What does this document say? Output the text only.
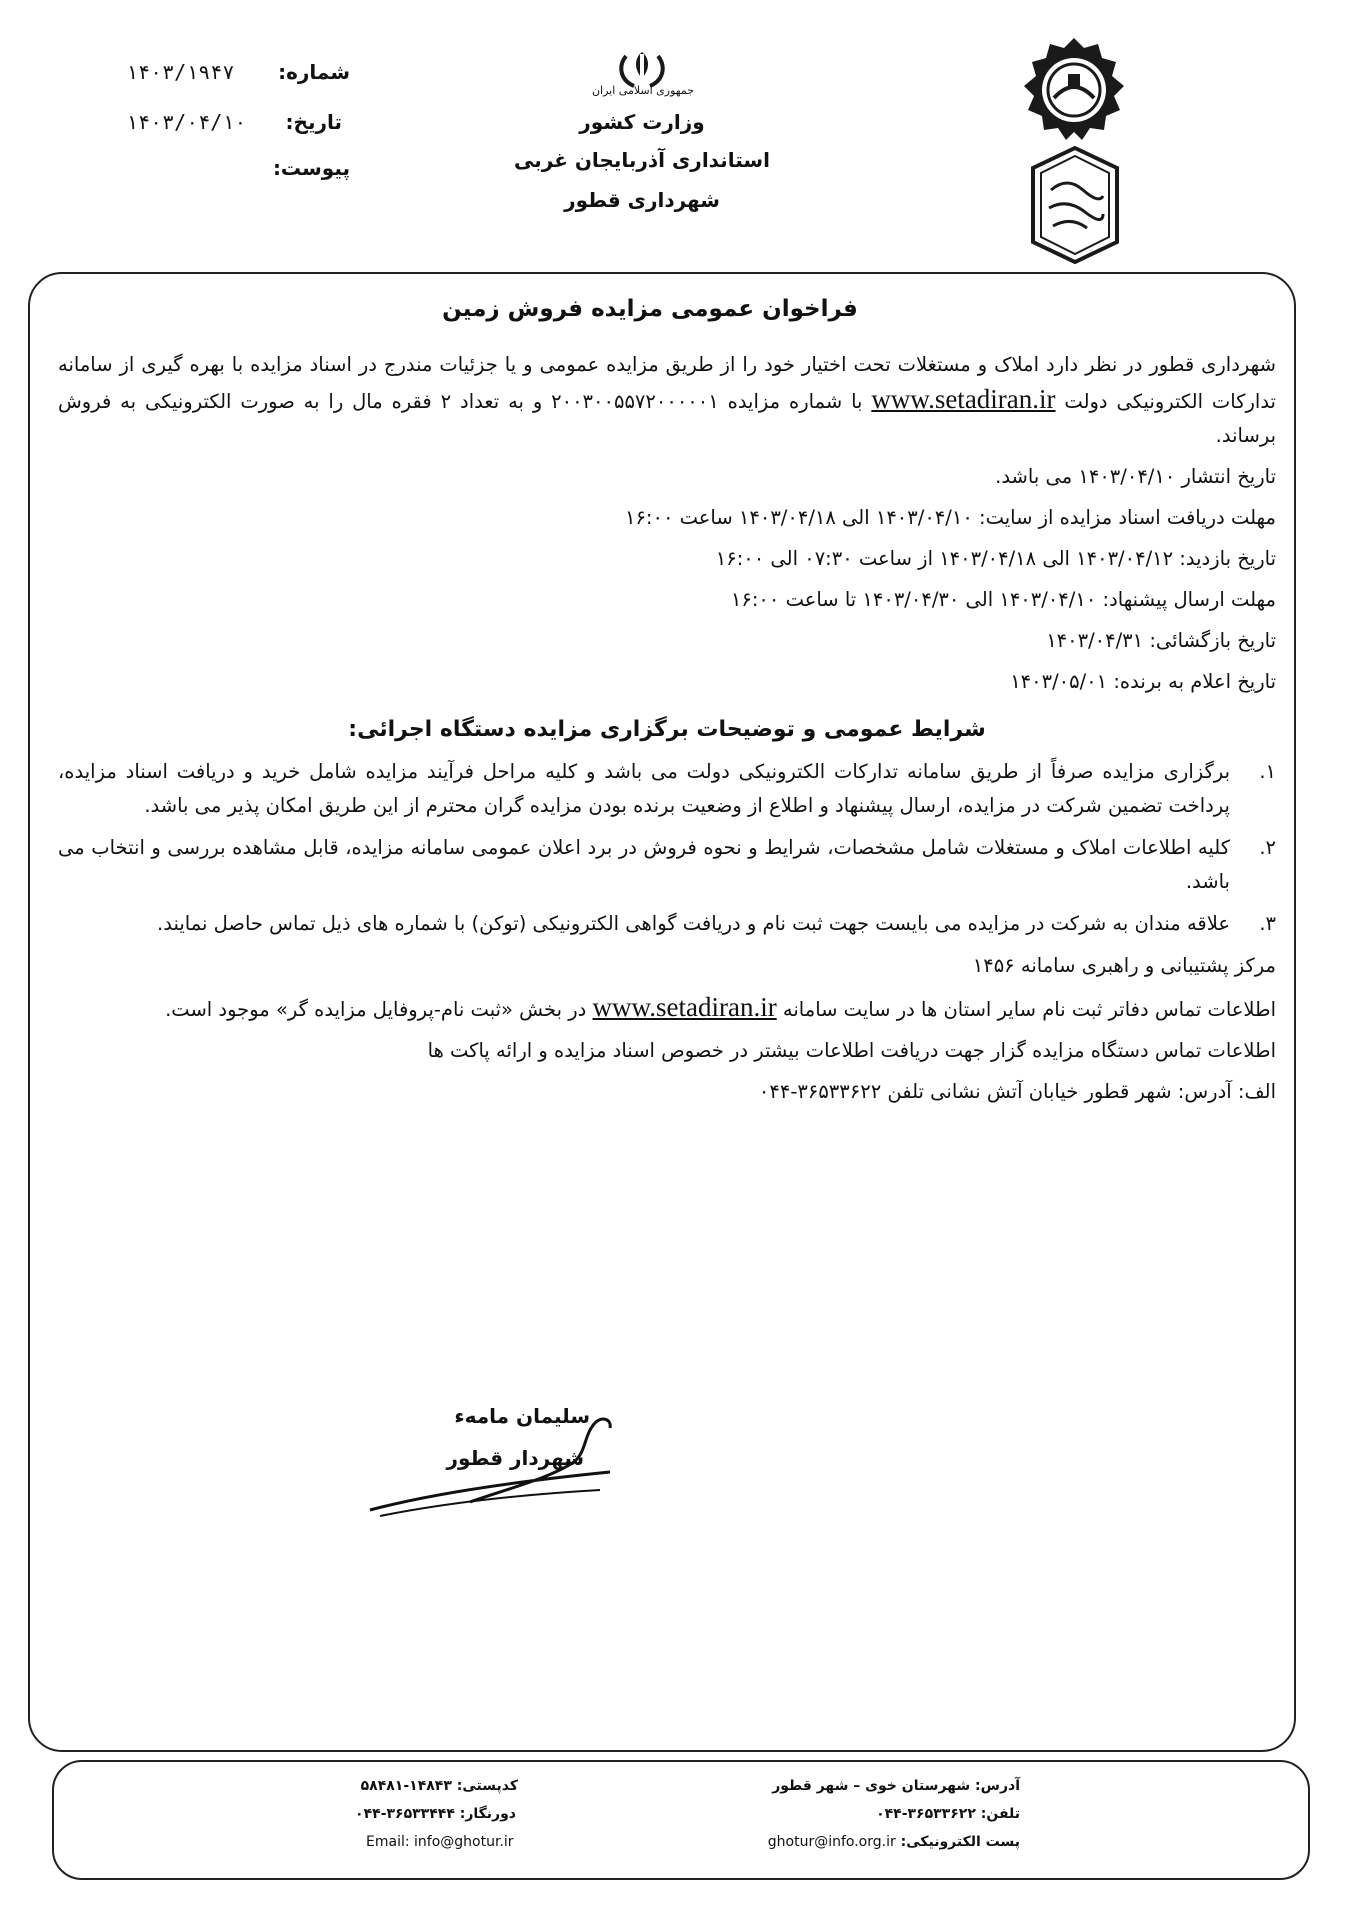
جمهوری اسلامی ایران
وزارت کشور
استانداری آذربایجان غربی
شهرداری قطور
شماره:
۱۴۰۳/۱۹۴۷
تاریخ:
۱۴۰۳/۰۴/۱۰
پیوست:
فراخوان عمومی مزایده فروش زمین

شهرداری قطور در نظر دارد املاک و مستغلات تحت اختیار خود را از طریق مزایده عمومی و یا جزئیات مندرج در اسناد مزایده با بهره گیری از سامانه تدارکات الکترونیکی دولت www.setadiran.ir با شماره مزایده ۲۰۰۳۰۰۵۵۷۲۰۰۰۰۰۱ و به تعداد ۲ فقره مال را به صورت الکترونیکی به فروش برساند.

تاریخ انتشار ۱۴۰۳/۰۴/۱۰ می باشد.

مهلت دریافت اسناد مزایده از سایت: ۱۴۰۳/۰۴/۱۰ الی ۱۴۰۳/۰۴/۱۸ ساعت ۱۶:۰۰

تاریخ بازدید: ۱۴۰۳/۰۴/۱۲ الی ۱۴۰۳/۰۴/۱۸ از ساعت ۰۷:۳۰ الی ۱۶:۰۰

مهلت ارسال پیشنهاد: ۱۴۰۳/۰۴/۱۰ الی ۱۴۰۳/۰۴/۳۰ تا ساعت ۱۶:۰۰

تاریخ بازگشائی: ۱۴۰۳/۰۴/۳۱

تاریخ اعلام به برنده: ۱۴۰۳/۰۵/۰۱

شرایط عمومی و توضیحات برگزاری مزایده دستگاه اجرائی:
۱.
برگزاری مزایده صرفاً از طریق سامانه تدارکات الکترونیکی دولت می باشد و کلیه مراحل فرآیند مزایده شامل خرید و دریافت اسناد مزایده، پرداخت تضمین شرکت در مزایده، ارسال پیشنهاد و اطلاع از وضعیت برنده بودن مزایده گران محترم از این طریق امکان پذیر می باشد.
۲.
کلیه اطلاعات املاک و مستغلات شامل مشخصات، شرایط و نحوه فروش در برد اعلان عمومی سامانه مزایده، قابل مشاهده بررسی و انتخاب می باشد.
۳.
علاقه مندان به شرکت در مزایده می بایست جهت ثبت نام و دریافت گواهی الکترونیکی (توکن) با شماره های ذیل تماس حاصل نمایند.

مرکز پشتیبانی و راهبری سامانه ۱۴۵۶

اطلاعات تماس دفاتر ثبت نام سایر استان ها در سایت سامانه www.setadiran.ir در بخش «ثبت نام-پروفایل مزایده گر» موجود است.

اطلاعات تماس دستگاه مزایده گزار جهت دریافت اطلاعات بیشتر در خصوص اسناد مزایده و ارائه پاکت ها

الف: آدرس: شهر قطور خیابان آتش نشانی تلفن ۳۶۵۳۳۶۲۲-۰۴۴

سلیمان مامه‌ء
شهردار قطور
آدرس: شهرستان خوی – شهر قطور
تلفن: ۳۶۵۳۳۶۲۲-۰۴۴
پست الکترونیکی: ghotur@info.org.ir
کدپستی: ۱۴۸۴۳-۵۸۴۸۱
دورنگار: ۳۶۵۳۳۴۴۴-۰۴۴
Email: info@ghotur.ir
